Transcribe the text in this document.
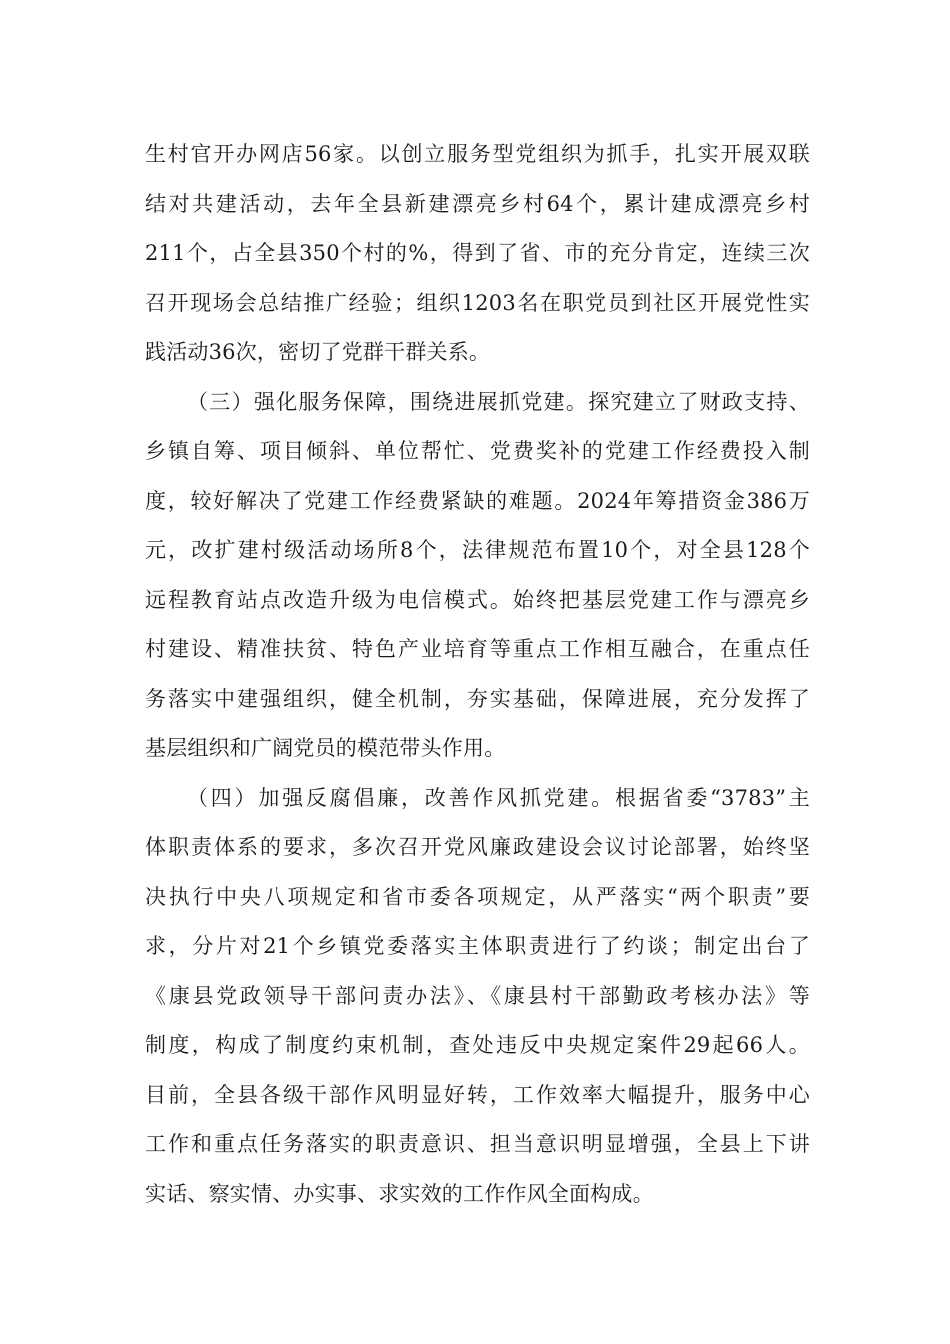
生村官开办网店56家。以创立服务型党组织为抓手，扎实开展双联
结对共建活动，去年全县新建漂亮乡村64个，累计建成漂亮乡村
211个，占全县350个村的%，得到了省、市的充分肯定，连续三次
召开现场会总结推广经验；组织1203名在职党员到社区开展党性实
践活动36次，密切了党群干群关系。
（三）强化服务保障，围绕进展抓党建。探究建立了财政支持、
乡镇自筹、项目倾斜、单位帮忙、党费奖补的党建工作经费投入制
度，较好解决了党建工作经费紧缺的难题。2024年筹措资金386万
元，改扩建村级活动场所8个，法律规范布置10个，对全县128个
远程教育站点改造升级为电信模式。始终把基层党建工作与漂亮乡
村建设、精准扶贫、特色产业培育等重点工作相互融合，在重点任
务落实中建强组织，健全机制，夯实基础，保障进展，充分发挥了
基层组织和广阔党员的模范带头作用。
（四）加强反腐倡廉，改善作风抓党建。根据省委“3783”主
体职责体系的要求，多次召开党风廉政建设会议讨论部署，始终坚
决执行中央八项规定和省市委各项规定，从严落实“两个职责”要
求，分片对21个乡镇党委落实主体职责进行了约谈；制定出台了
《康县党政领导干部问责办法》、《康县村干部勤政考核办法》等
制度，构成了制度约束机制，查处违反中央规定案件29起66人。
目前，全县各级干部作风明显好转，工作效率大幅提升，服务中心
工作和重点任务落实的职责意识、担当意识明显增强，全县上下讲
实话、察实情、办实事、求实效的工作作风全面构成。
